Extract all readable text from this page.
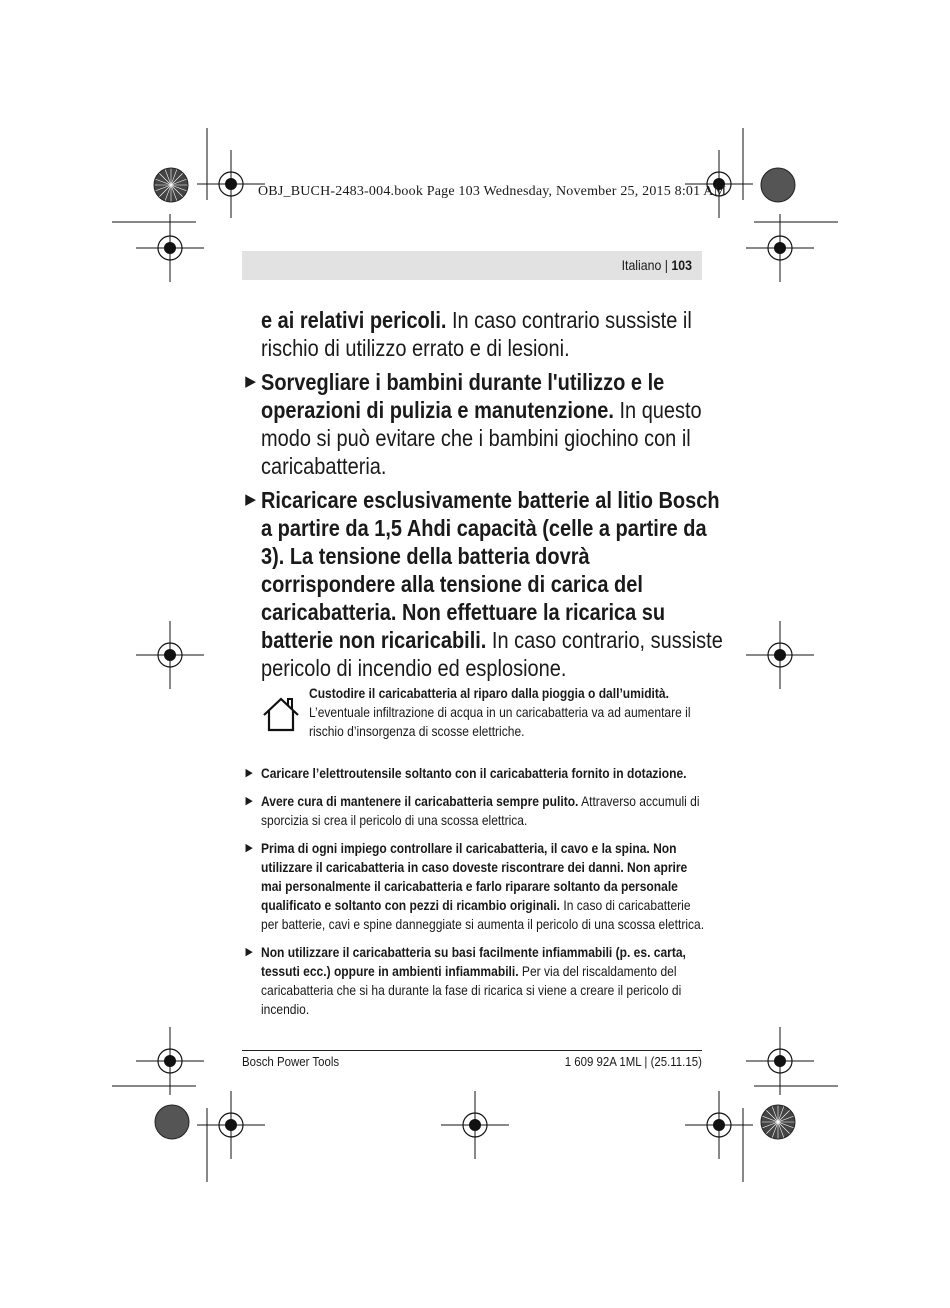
OBJ_BUCH-2483-004.book Page 103 Wednesday, November 25, 2015 8:01 AM
Italiano | 103
e ai relativi pericoli. In caso contrario sussiste il rischio di utilizzo errato e di lesioni.
▶ Sorvegliare i bambini durante l'utilizzo e le operazioni di pulizia e manutenzione. In questo modo si può evitare che i bambini giochino con il caricabatteria.
▶ Ricaricare esclusivamente batterie al litio Bosch a partire da 1,5 Ahdi capacità (celle a partire da 3). La tensione della batteria dovrà corrispondere alla tensione di carica del caricabatteria. Non effettuare la ricarica su batterie non ricaricabili. In caso contrario, sussiste pericolo di incendio ed esplosione.
Custodire il caricabatteria al riparo dalla pioggia o dall’umidità. L’eventuale infiltrazione di acqua in un caricabatteria va ad aumentare il rischio d’insorgenza di scosse elettriche.
▶ Caricare l’elettroutensile soltanto con il caricabatteria fornito in dotazione.
▶ Avere cura di mantenere il caricabatteria sempre pulito. Attraverso accumuli di sporcizia si crea il pericolo di una scossa elettrica.
▶ Prima di ogni impiego controllare il caricabatteria, il cavo e la spina. Non utilizzare il caricabatteria in caso doveste riscontrare dei danni. Non aprire mai personalmente il caricabatteria e farlo riparare soltanto da personale qualificato e soltanto con pezzi di ricambio originali. In caso di caricabatterie per batterie, cavi e spine danneggiate si aumenta il pericolo di una scossa elettrica.
▶ Non utilizzare il caricabatteria su basi facilmente infiammabili (p. es. carta, tessuti ecc.) oppure in ambienti infiammabili. Per via del riscaldamento del caricabatteria che si ha durante la fase di ricarica si viene a creare il pericolo di incendio.
Bosch Power Tools	1 609 92A 1ML | (25.11.15)
